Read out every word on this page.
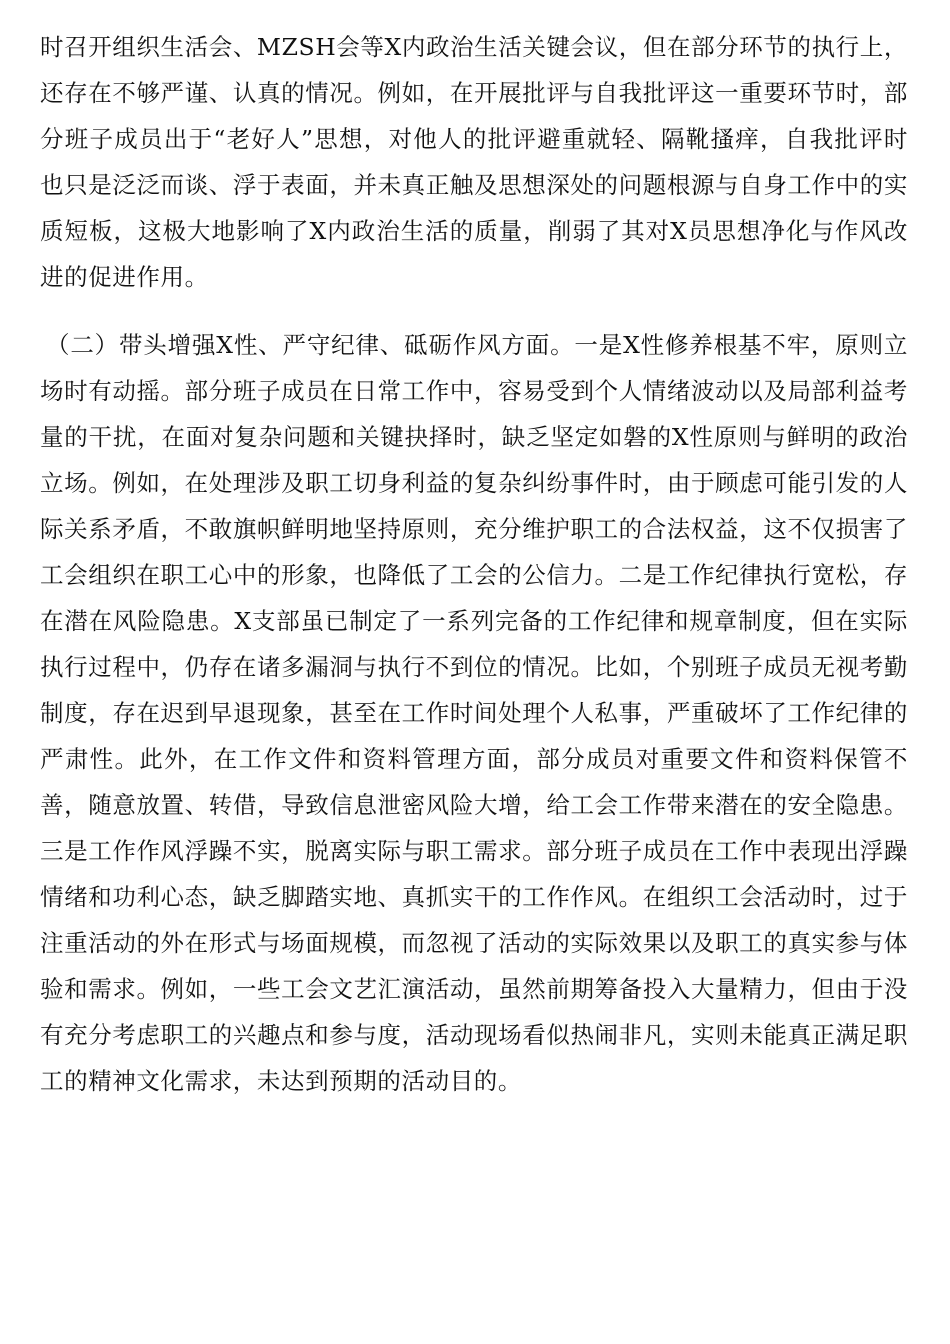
时召开组织生活会、MZSH会等X内政治生活关键会议，但在部分环节的执行上，还存在不够严谨、认真的情况。例如，在开展批评与自我批评这一重要环节时，部分班子成员出于“老好人”思想，对他人的批评避重就轻、隔靴搔痒，自我批评时也只是泛泛而谈、浮于表面，并未真正触及思想深处的问题根源与自身工作中的实质短板，这极大地影响了X内政治生活的质量，削弱了其对X员思想净化与作风改进的促进作用。

（二）带头增强X性、严守纪律、砥砺作风方面。一是X性修养根基不牢，原则立场时有动摇。部分班子成员在日常工作中，容易受到个人情绪波动以及局部利益考量的干扰，在面对复杂问题和关键抉择时，缺乏坚定如磐的X性原则与鲜明的政治立场。例如，在处理涉及职工切身利益的复杂纠纷事件时，由于顾虑可能引发的人际关系矛盾，不敢旗帜鲜明地坚持原则，充分维护职工的合法权益，这不仅损害了工会组织在职工心中的形象，也降低了工会的公信力。二是工作纪律执行宽松，存在潜在风险隐患。X支部虽已制定了一系列完备的工作纪律和规章制度，但在实际执行过程中，仍存在诸多漏洞与执行不到位的情况。比如，个别班子成员无视考勤制度，存在迟到早退现象，甚至在工作时间处理个人私事，严重破坏了工作纪律的严肃性。此外，在工作文件和资料管理方面，部分成员对重要文件和资料保管不善，随意放置、转借，导致信息泄密风险大增，给工会工作带来潜在的安全隐患。三是工作作风浮躁不实，脱离实际与职工需求。部分班子成员在工作中表现出浮躁情绪和功利心态，缺乏脚踏实地、真抓实干的工作作风。在组织工会活动时，过于注重活动的外在形式与场面规模，而忽视了活动的实际效果以及职工的真实参与体验和需求。例如，一些工会文艺汇演活动，虽然前期筹备投入大量精力，但由于没有充分考虑职工的兴趣点和参与度，活动现场看似热闹非凡，实则未能真正满足职工的精神文化需求，未达到预期的活动目的。
